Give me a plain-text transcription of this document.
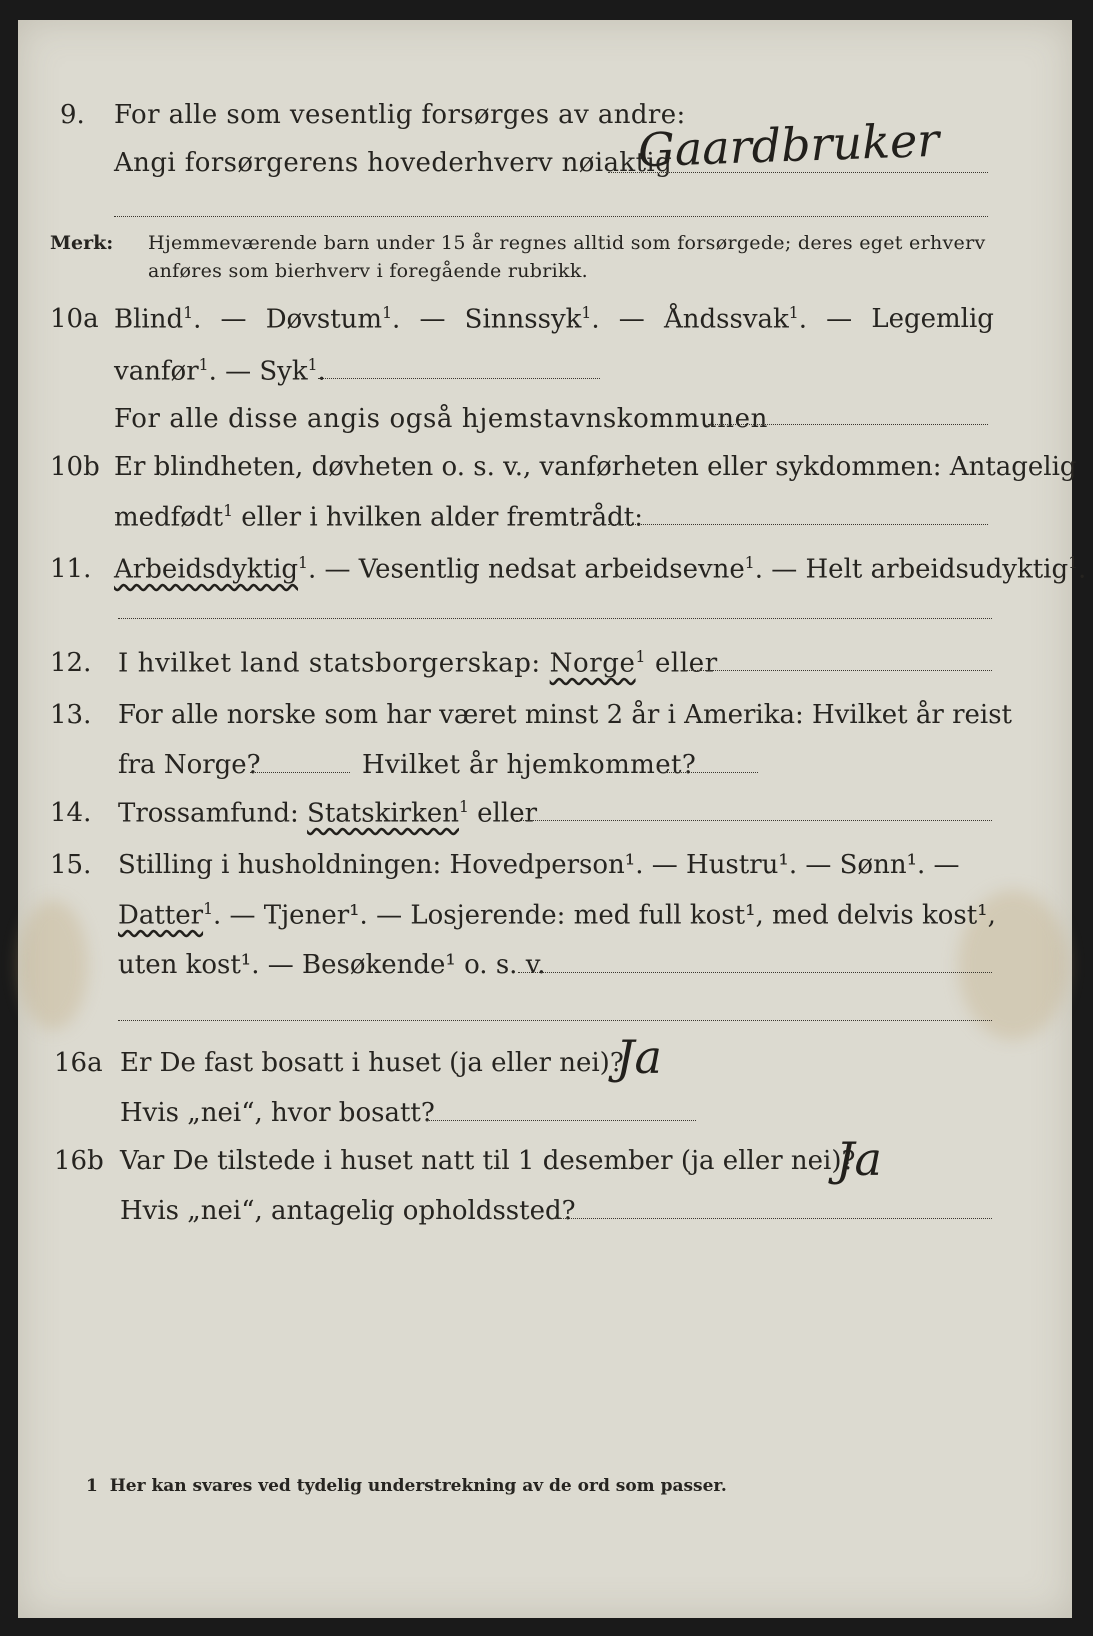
9. For alle som vesentlig forsørges av andre:
Angi forsørgerens hovederhverv nøiaktig
Gaardbruker
Merk: Hjemmeværende barn under 15 år regnes alltid som forsørgede; deres eget erhverv
anføres som bierhverv i foregående rubrikk.
10a Blind$^1$. — Døvstum$^1$. — Sinnssyk$^1$. — Åndssvak$^1$. — Legemlig
vanfør$^1$. — Syk$^1$.
For alle disse angis også hjemstavnskommunen
10b Er blindheten, døvheten o. s. v., vanførheten eller sykdommen: Antagelig
medfødt$^1$ eller i hvilken alder fremtrådt:
11. Arbeidsdyktig$^1$. — Vesentlig nedsat arbeidsevne$^1$. — Helt arbeidsudyktig$^1$.
12. I hvilket land statsborgerskap: Norge$^1$ eller
13. For alle norske som har været minst 2 år i Amerika: Hvilket år reist
fra Norge?	Hvilket år hjemkommet?
14. Trossamfund: Statskirken$^1$ eller
15. Stilling i husholdningen: Hovedperson¹. — Hustru¹. — Sønn¹. —
Datter$^1$. — Tjener¹. — Losjerende: med full kost¹, med delvis kost¹,
uten kost¹. — Besøkende¹ o. s. v.
16a Er De fast bosatt i huset (ja eller nei)?
Ja
Hvis „nei“, hvor bosatt?
16b Var De tilstede i huset natt til 1 desember (ja eller nei)?
Ja
Hvis „nei“, antagelig opholdssted?
1 Her kan svares ved tydelig understrekning av de ord som passer.
